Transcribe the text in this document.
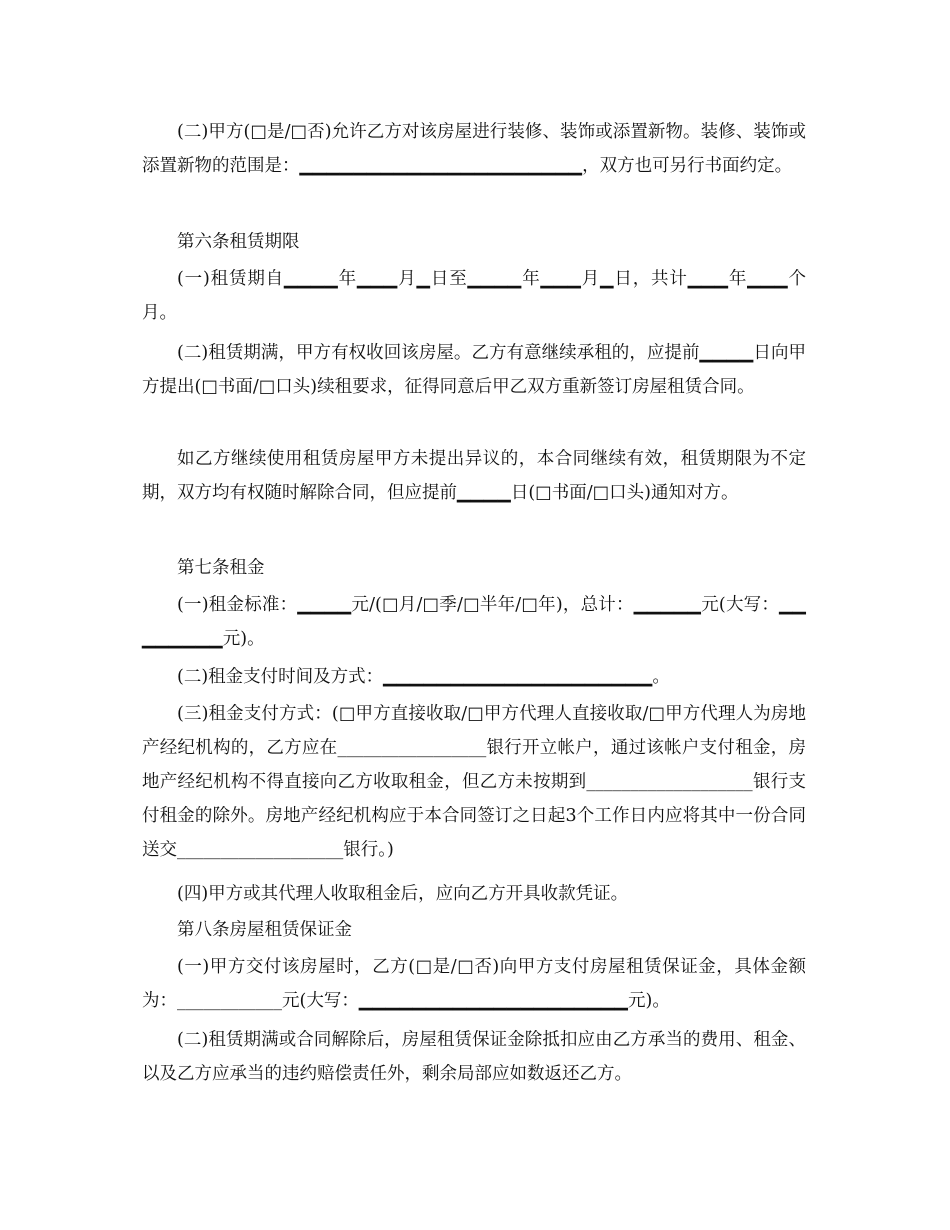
(二)甲方(□是/□否)允许乙方对该房屋进行装修、装饰或添置新物。装修、装饰或添置新物的范围是：▁▁▁▁▁▁▁▁▁▁▁▁▁▁▁▁▁▁▁▁▁，双方也可另行书面约定。

第六条租赁期限

(一)租赁期自▁▁▁▁年▁▁▁月▁日至▁▁▁▁年▁▁▁月▁日，共计▁▁▁年▁▁▁个月。

(二)租赁期满，甲方有权收回该房屋。乙方有意继续承租的，应提前▁▁▁▁日向甲方提出(□书面/□口头)续租要求，征得同意后甲乙双方重新签订房屋租赁合同。

如乙方继续使用租赁房屋甲方未提出异议的，本合同继续有效，租赁期限为不定期，双方均有权随时解除合同，但应提前▁▁▁▁日(□书面/□口头)通知对方。

第七条租金

(一)租金标准：▁▁▁▁元/(□月/□季/□半年/□年)，总计：▁▁▁▁▁元(大写：▁▁▁▁▁▁▁▁元)。

(二)租金支付时间及方式：▁▁▁▁▁▁▁▁▁▁▁▁▁▁▁▁▁▁▁▁。

(三)租金支付方式：(□甲方直接收取/□甲方代理人直接收取/□甲方代理人为房地产经纪机构的，乙方应在_________________银行开立帐户，通过该帐户支付租金，房地产经纪机构不得直接向乙方收取租金，但乙方未按期到___________________银行支付租金的除外。房地产经纪机构应于本合同签订之日起3个工作日内应将其中一份合同送交___________________银行。)

(四)甲方或其代理人收取租金后，应向乙方开具收款凭证。

第八条房屋租赁保证金

(一)甲方交付该房屋时，乙方(□是/□否)向甲方支付房屋租赁保证金，具体金额为：____________元(大写：▁▁▁▁▁▁▁▁▁▁▁▁▁▁▁▁▁▁▁▁元)。

(二)租赁期满或合同解除后，房屋租赁保证金除抵扣应由乙方承当的费用、租金、以及乙方应承当的违约赔偿责任外，剩余局部应如数返还乙方。
